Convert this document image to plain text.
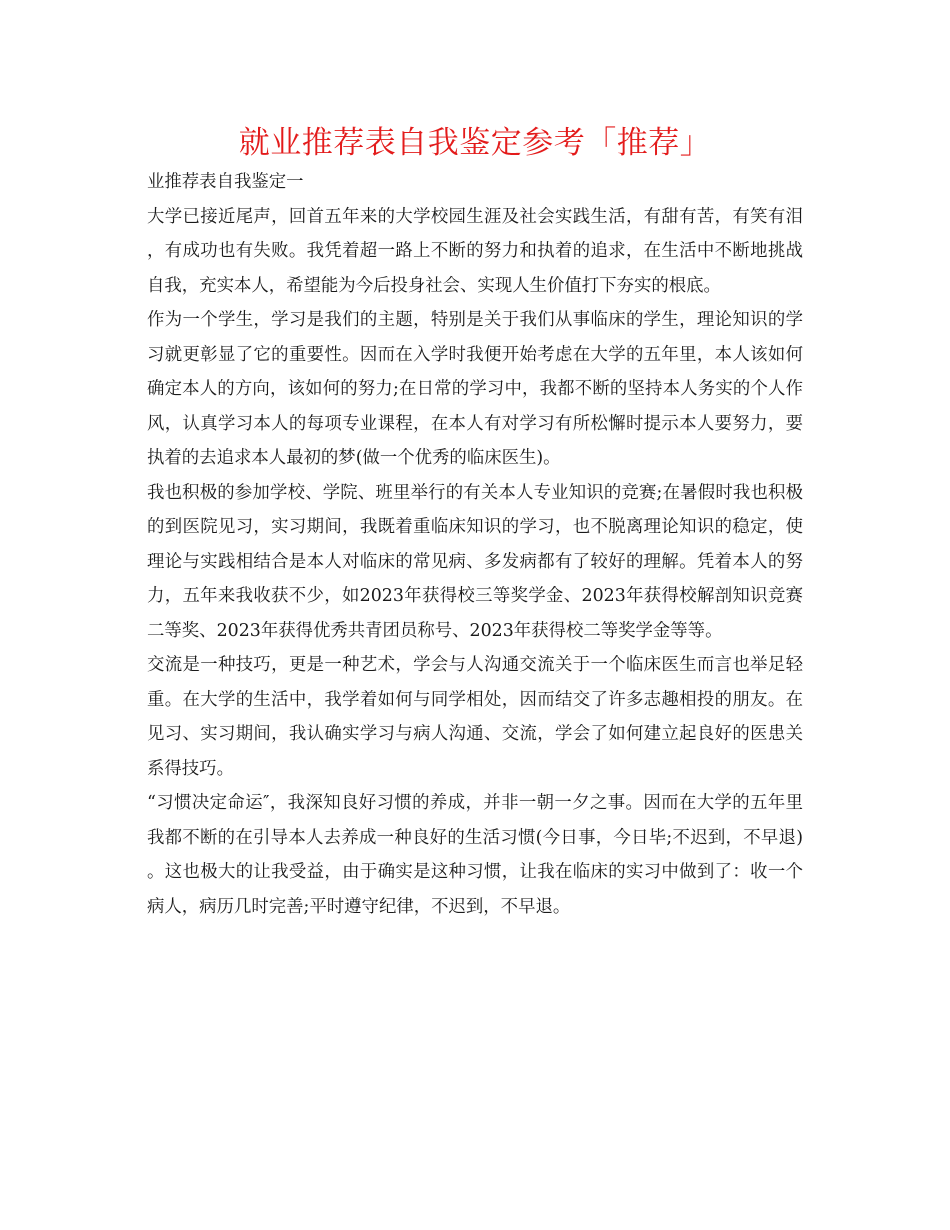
就业推荐表自我鉴定参考「推荐」

业推荐表自我鉴定一

大学已接近尾声，回首五年来的大学校园生涯及社会实践生活，有甜有苦，有笑有泪，有成功也有失败。我凭着超一路上不断的努力和执着的追求，在生活中不断地挑战自我，充实本人，希望能为今后投身社会、实现人生价值打下夯实的根底。

作为一个学生，学习是我们的主题，特别是关于我们从事临床的学生，理论知识的学习就更彰显了它的重要性。因而在入学时我便开始考虑在大学的五年里，本人该如何确定本人的方向，该如何的努力;在日常的学习中，我都不断的坚持本人务实的个人作风，认真学习本人的每项专业课程，在本人有对学习有所松懈时提示本人要努力，要执着的去追求本人最初的梦(做一个优秀的临床医生)。

我也积极的参加学校、学院、班里举行的有关本人专业知识的竞赛;在暑假时我也积极的到医院见习，实习期间，我既着重临床知识的学习，也不脱离理论知识的稳定，使理论与实践相结合是本人对临床的常见病、多发病都有了较好的理解。凭着本人的努力，五年来我收获不少，如2023年获得校三等奖学金、2023年获得校解剖知识竞赛二等奖、2023年获得优秀共青团员称号、2023年获得校二等奖学金等等。

交流是一种技巧，更是一种艺术，学会与人沟通交流关于一个临床医生而言也举足轻重。在大学的生活中，我学着如何与同学相处，因而结交了许多志趣相投的朋友。在见习、实习期间，我认确实学习与病人沟通、交流，学会了如何建立起良好的医患关系得技巧。

“习惯决定命运″，我深知良好习惯的养成，并非一朝一夕之事。因而在大学的五年里我都不断的在引导本人去养成一种良好的生活习惯(今日事，今日毕;不迟到，不早退)。这也极大的让我受益，由于确实是这种习惯，让我在临床的实习中做到了：收一个病人，病历几时完善;平时遵守纪律，不迟到，不早退。
